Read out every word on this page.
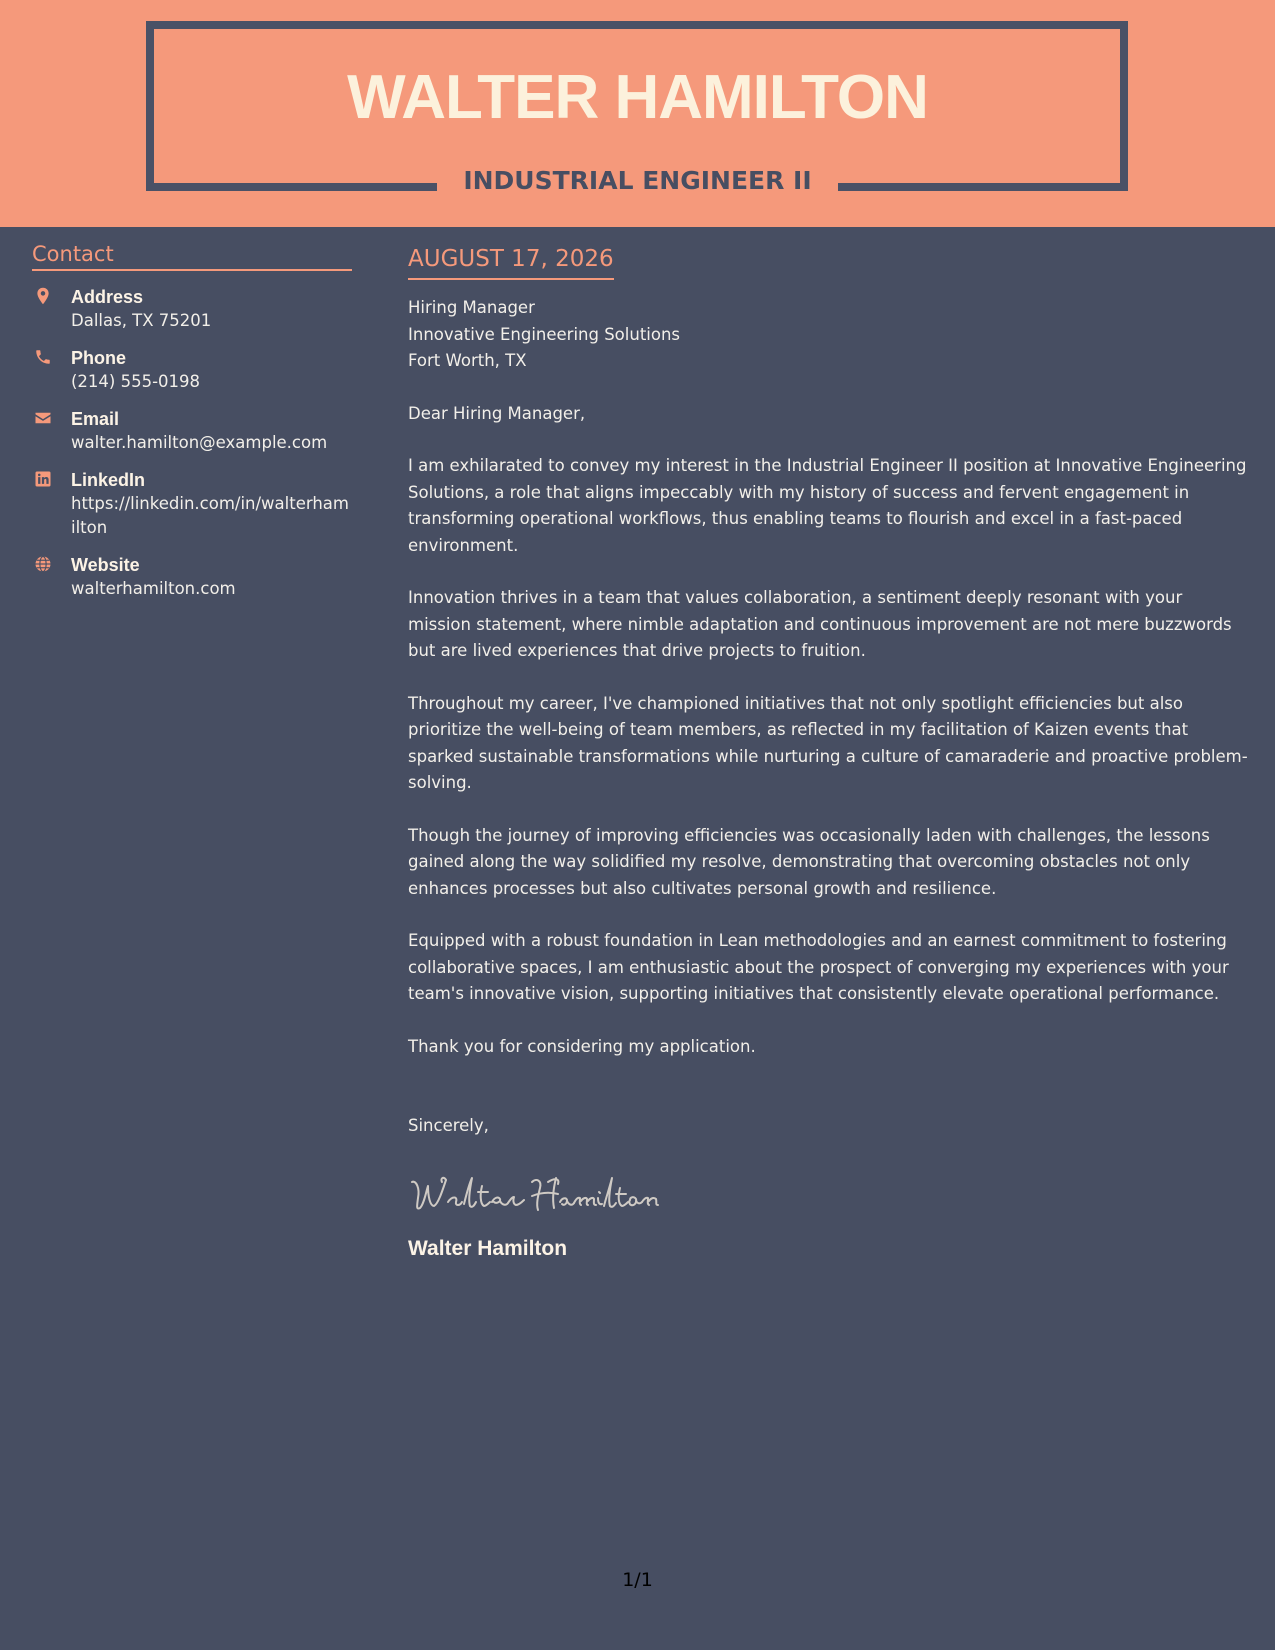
WALTER HAMILTON
INDUSTRIAL ENGINEER II
Contact
Address
Dallas, TX 75201
Phone
(214) 555-0198
Email
walter.hamilton@example.com
LinkedIn
https://linkedin.com/in/walterhamilton
Website
walterhamilton.com
AUGUST 17, 2026
Hiring Manager
Innovative Engineering Solutions
Fort Worth, TX
Dear Hiring Manager,
I am exhilarated to convey my interest in the Industrial Engineer II position at Innovative Engineering Solutions, a role that aligns impeccably with my history of success and fervent engagement in transforming operational workflows, thus enabling teams to flourish and excel in a fast-paced environment.
Innovation thrives in a team that values collaboration, a sentiment deeply resonant with your mission statement, where nimble adaptation and continuous improvement are not mere buzzwords but are lived experiences that drive projects to fruition.
Throughout my career, I've championed initiatives that not only spotlight efficiencies but also prioritize the well-being of team members, as reflected in my facilitation of Kaizen events that sparked sustainable transformations while nurturing a culture of camaraderie and proactive problem-solving.
Though the journey of improving efficiencies was occasionally laden with challenges, the lessons gained along the way solidified my resolve, demonstrating that overcoming obstacles not only enhances processes but also cultivates personal growth and resilience.
Equipped with a robust foundation in Lean methodologies and an earnest commitment to fostering collaborative spaces, I am enthusiastic about the prospect of converging my experiences with your team's innovative vision, supporting initiatives that consistently elevate operational performance.
Thank you for considering my application.
Sincerely,
Walter Hamilton
1/1
